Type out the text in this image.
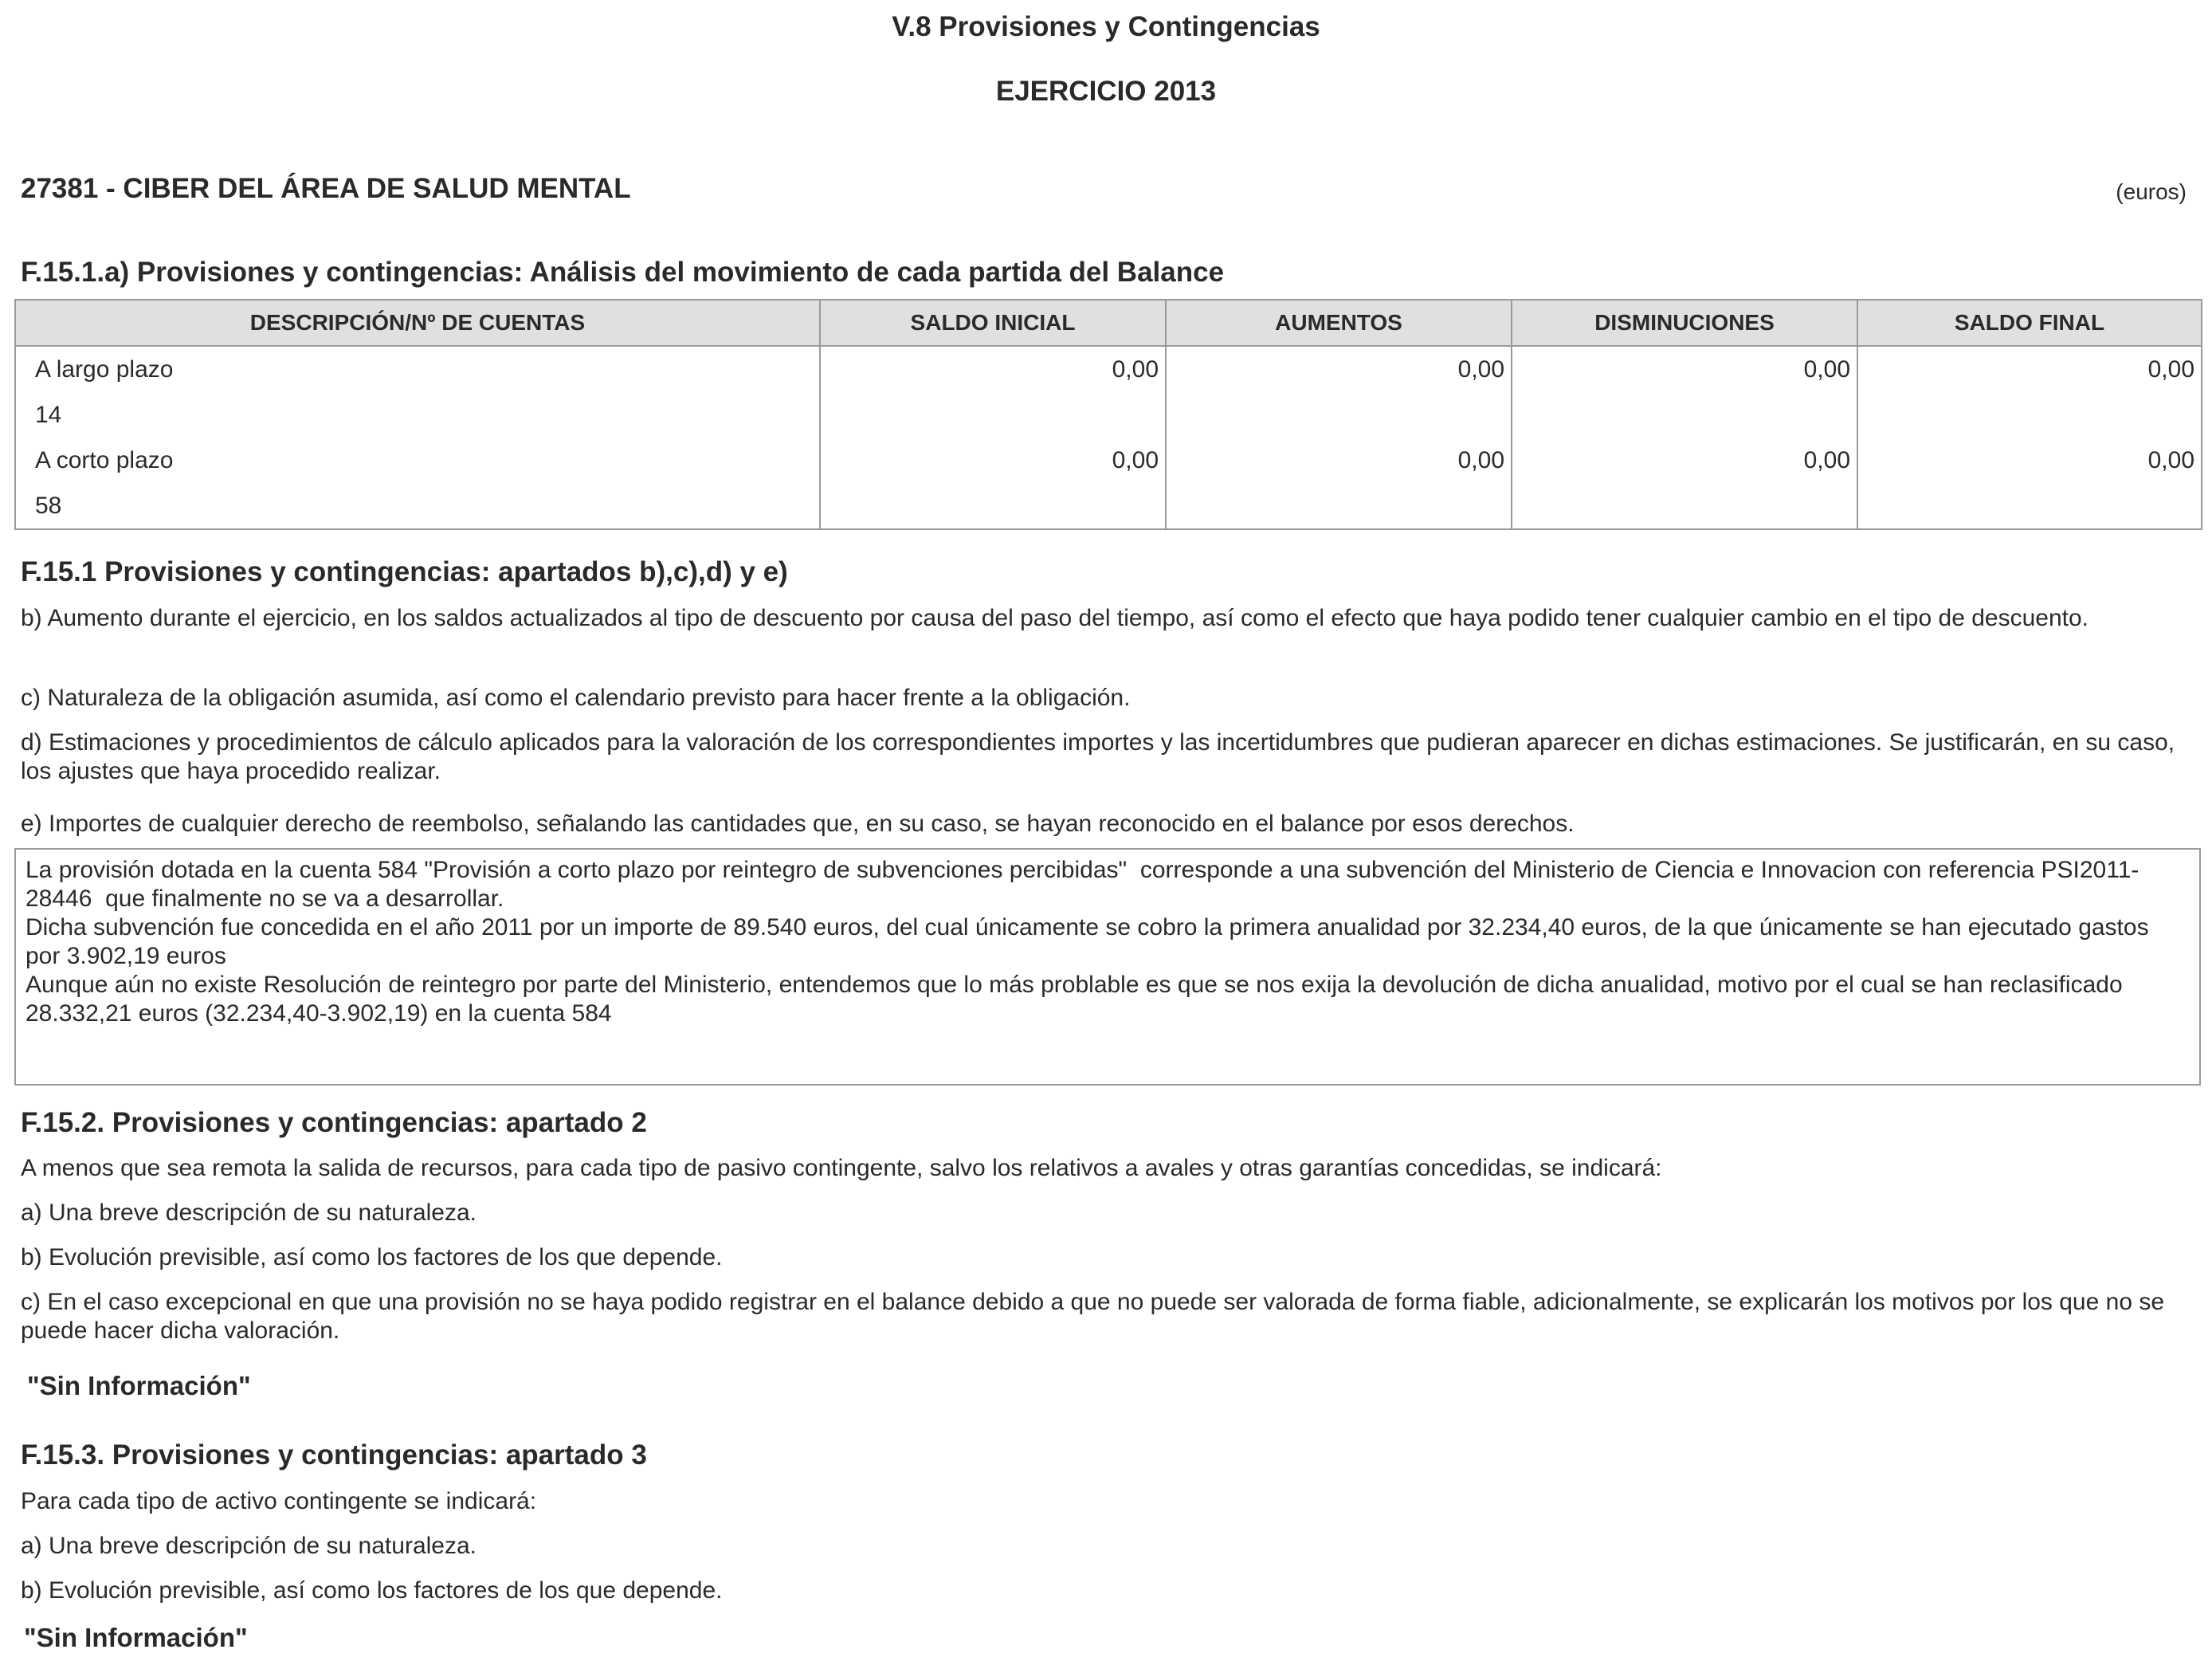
V.8 Provisiones y Contingencias
EJERCICIO 2013
27381 - CIBER DEL ÁREA DE SALUD MENTAL	(euros)
F.15.1.a) Provisiones y contingencias: Análisis del movimiento de cada partida del Balance
DESCRIPCIÓN/Nº DE CUENTAS	SALDO INICIAL	AUMENTOS	DISMINUCIONES	SALDO FINAL
A largo plazo	0,00	0,00	0,00	0,00
14				
A corto plazo	0,00	0,00	0,00	0,00
58				
F.15.1 Provisiones y contingencias: apartados b),c),d) y e)
b) Aumento durante el ejercicio, en los saldos actualizados al tipo de descuento por causa del paso del tiempo, así como el efecto que haya podido tener cualquier cambio en el tipo de descuento.
c) Naturaleza de la obligación asumida, así como el calendario previsto para hacer frente a la obligación.
d) Estimaciones y procedimientos de cálculo aplicados para la valoración de los correspondientes importes y las incertidumbres que pudieran aparecer en dichas estimaciones. Se justificarán, en su caso, los ajustes que haya procedido realizar.
e) Importes de cualquier derecho de reembolso, señalando las cantidades que, en su caso, se hayan reconocido en el balance por esos derechos.
La provisión dotada en la cuenta 584 "Provisión a corto plazo por reintegro de subvenciones percibidas"  corresponde a una subvención del Ministerio de Ciencia e Innovacion con referencia PSI2011-28446  que finalmente no se va a desarrollar.
Dicha subvención fue concedida en el año 2011 por un importe de 89.540 euros, del cual únicamente se cobro la primera anualidad por 32.234,40 euros, de la que únicamente se han ejecutado gastos por 3.902,19 euros
Aunque aún no existe Resolución de reintegro por parte del Ministerio, entendemos que lo más problable es que se nos exija la devolución de dicha anualidad, motivo por el cual se han reclasificado 28.332,21 euros (32.234,40-3.902,19) en la cuenta 584
F.15.2. Provisiones y contingencias: apartado 2
A menos que sea remota la salida de recursos, para cada tipo de pasivo contingente, salvo los relativos a avales y otras garantías concedidas, se indicará:
a) Una breve descripción de su naturaleza.
b) Evolución previsible, así como los factores de los que depende.
c) En el caso excepcional en que una provisión no se haya podido registrar en el balance debido a que no puede ser valorada de forma fiable, adicionalmente, se explicarán los motivos por los que no se puede hacer dicha valoración.
"Sin Información"
F.15.3. Provisiones y contingencias: apartado 3
Para cada tipo de activo contingente se indicará:
a) Una breve descripción de su naturaleza.
b) Evolución previsible, así como los factores de los que depende.
"Sin Información"
